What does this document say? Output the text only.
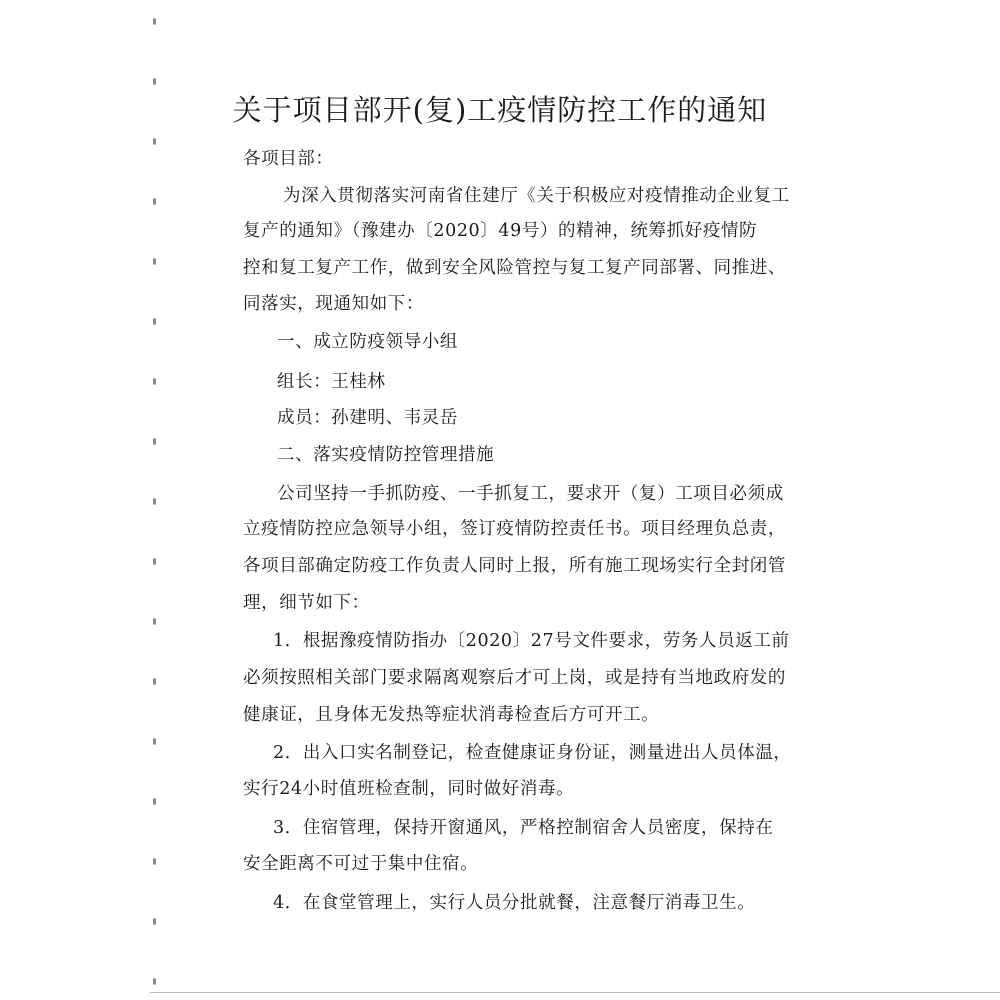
关于项目部开(复)工疫情防控工作的通知
各项目部：
为深入贯彻落实河南省住建厅《关于积极应对疫情推动企业复工
复产的通知》（豫建办〔2020〕49号）的精神，统筹抓好疫情防
控和复工复产工作，做到安全风险管控与复工复产同部署、同推进、
同落实，现通知如下：
一、成立防疫领导小组
组长：王桂林
成员：孙建明、韦灵岳
二、落实疫情防控管理措施
公司坚持一手抓防疫、一手抓复工，要求开（复）工项目必须成
立疫情防控应急领导小组，签订疫情防控责任书。项目经理负总责，
各项目部确定防疫工作负责人同时上报，所有施工现场实行全封闭管
理，细节如下：
1．根据豫疫情防指办〔2020〕27号文件要求，劳务人员返工前
必须按照相关部门要求隔离观察后才可上岗，或是持有当地政府发的
健康证，且身体无发热等症状消毒检查后方可开工。
2．出入口实名制登记，检查健康证身份证，测量进出人员体温，
实行24小时值班检查制，同时做好消毒。
3．住宿管理，保持开窗通风，严格控制宿舍人员密度，保持在
安全距离不可过于集中住宿。
4．在食堂管理上，实行人员分批就餐，注意餐厅消毒卫生。
